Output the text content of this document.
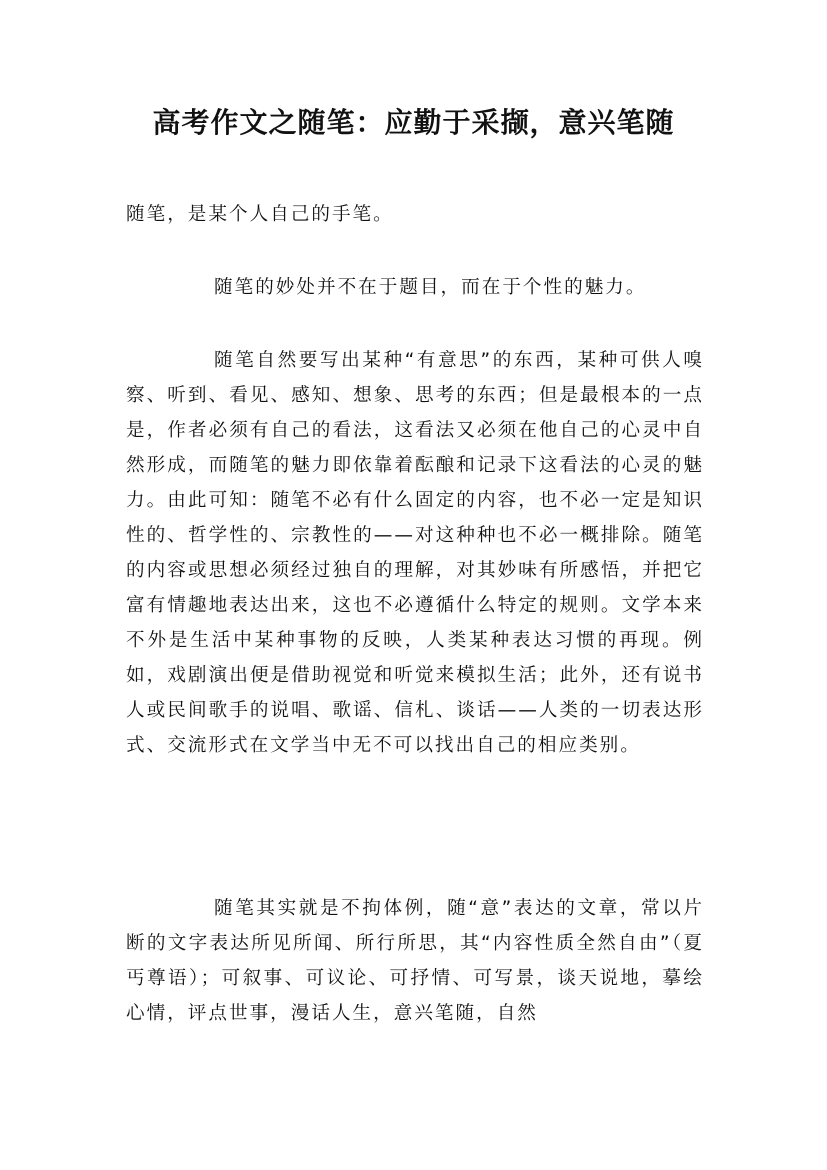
高考作文之随笔：应勤于采撷，意兴笔随

随笔，是某个人自己的手笔。

随笔的妙处并不在于题目，而在于个性的魅力。

随笔自然要写出某种“有意思”的东西，某种可供人嗅察、听到、看见、感知、想象、思考的东西；但是最根本的一点是，作者必须有自己的看法，这看法又必须在他自己的心灵中自然形成，而随笔的魅力即依靠着酝酿和记录下这看法的心灵的魅力。由此可知：随笔不必有什么固定的内容，也不必一定是知识性的、哲学性的、宗教性的——对这种种也不必一概排除。随笔的内容或思想必须经过独自的理解，对其妙味有所感悟，并把它富有情趣地表达出来，这也不必遵循什么特定的规则。文学本来不外是生活中某种事物的反映，人类某种表达习惯的再现。例如，戏剧演出便是借助视觉和听觉来模拟生活；此外，还有说书人或民间歌手的说唱、歌谣、信札、谈话——人类的一切表达形式、交流形式在文学当中无不可以找出自己的相应类别。

随笔其实就是不拘体例，随“意”表达的文章，常以片断的文字表达所见所闻、所行所思，其“内容性质全然自由”（夏丐尊语）；可叙事、可议论、可抒情、可写景，谈天说地，摹绘心情，评点世事，漫话人生，意兴笔随，自然
